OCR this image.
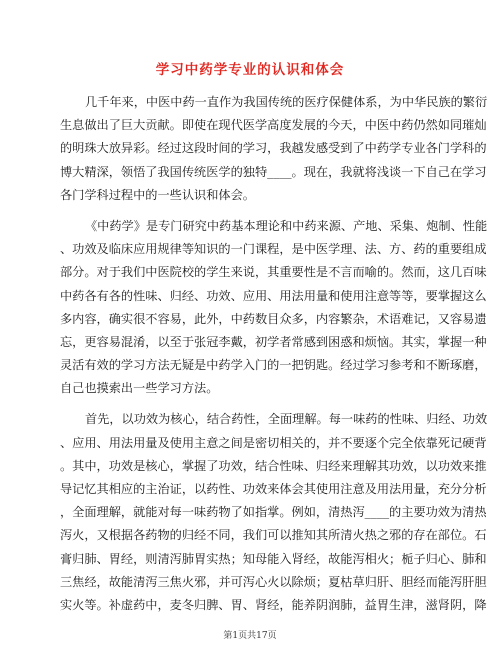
学习中药学专业的认识和体会
几千年来，中医中药一直作为我国传统的医疗保健体系，为中华民族的繁衍
生息做出了巨大贡献。即使在现代医学高度发展的今天，中医中药仍然如同璀灿
的明珠大放异彩。经过这段时间的学习，我越发感受到了中药学专业各门学科的
博大精深，领悟了我国传统医学的独特____。现在，我就将浅谈一下自己在学习
各门学科过程中的一些认识和体会。
《中药学》是专门研究中药基本理论和中药来源、产地、采集、炮制、性能
、功效及临床应用规律等知识的一门课程，是中医学理、法、方、药的重要组成
部分。对于我们中医院校的学生来说，其重要性是不言而喻的。然而，这几百味
中药各有各的性味、归经、功效、应用、用法用量和使用注意等等，要掌握这么
多内容，确实很不容易，此外，中药数目众多，内容繁杂，术语难记，又容易遗
忘，更容易混淆，以至于张冠李戴，初学者常感到困惑和烦恼。其实，掌握一种
灵活有效的学习方法无疑是中药学入门的一把钥匙。经过学习参考和不断琢磨，
自己也摸索出一些学习方法。
首先，以功效为核心，结合药性，全面理解。每一味药的性味、归经、功效
、应用、用法用量及使用主意之间是密切相关的，并不要逐个完全依靠死记硬背
。其中，功效是核心，掌握了功效，结合性味、归经来理解其功效，以功效来推
导记忆其相应的主治证，以药性、功效来体会其使用注意及用法用量，充分分析
，全面理解，就能对每一味药物了如指掌。例如，清热泻____的主要功效为清热
泻火，又根据各药物的归经不同，我们可以推知其所清火热之邪的存在部位。石
膏归肺、胃经，则清泻肺胃实热；知母能入肾经，故能泻相火；栀子归心、肺和
三焦经，故能清泻三焦火邪，并可泻心火以除烦；夏枯草归肝、胆经而能泻肝胆
实火等。补虚药中，麦冬归脾、胃、肾经，能养阴润肺，益胃生津，滋肾阴，降
第1页共17页
